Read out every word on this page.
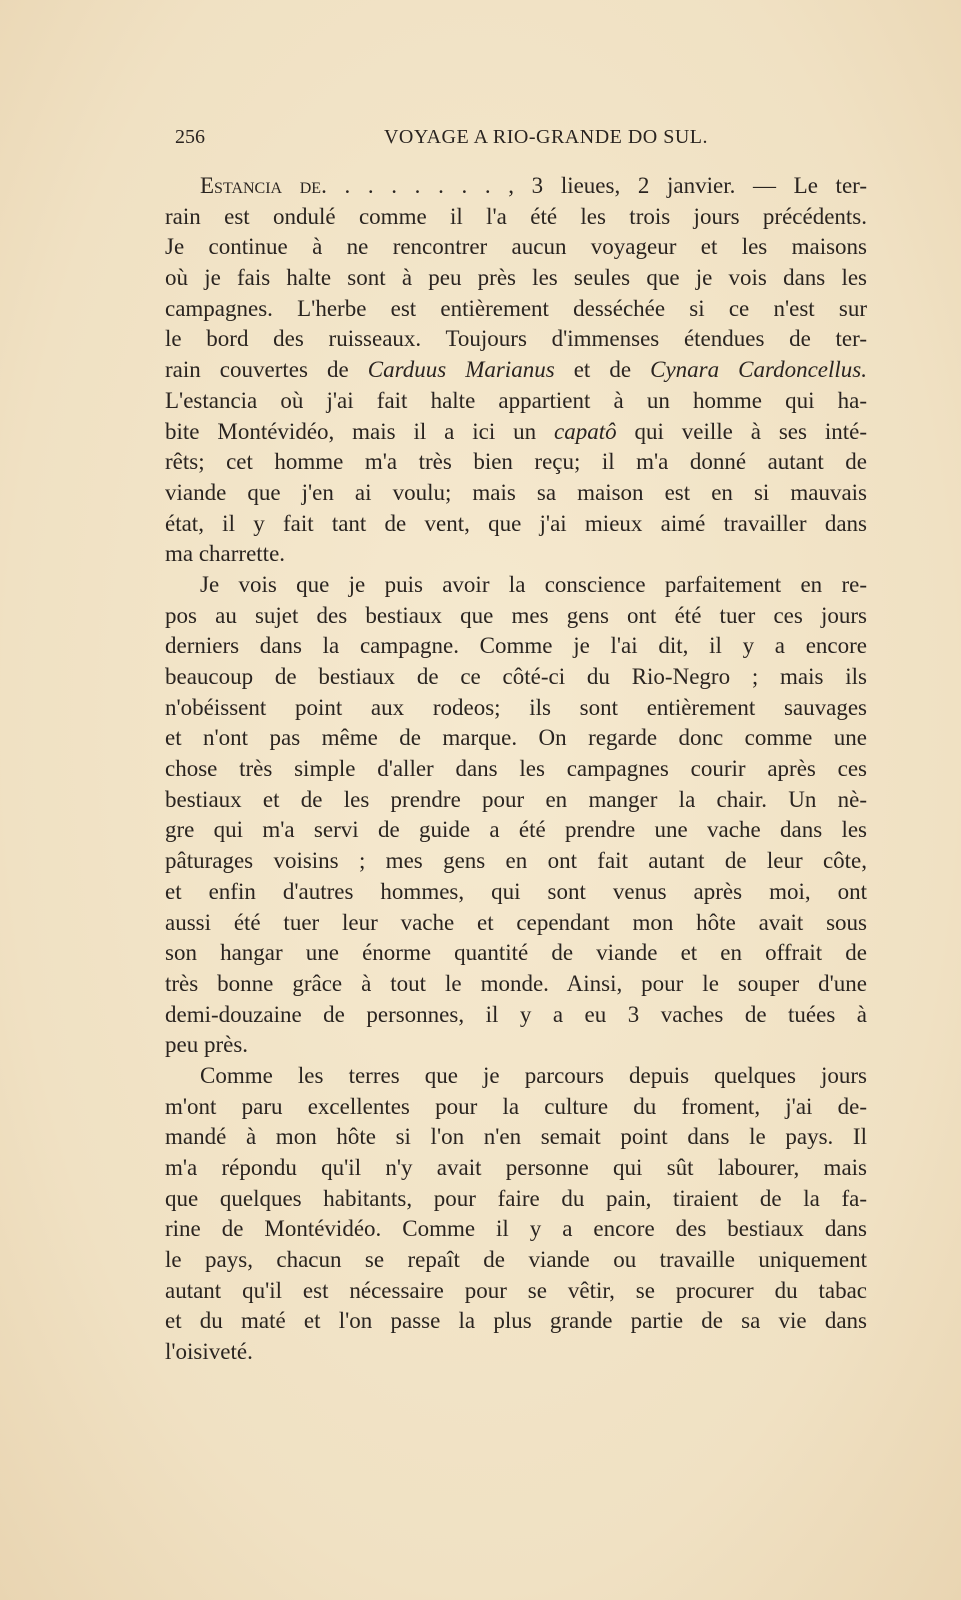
256	VOYAGE A RIO-GRANDE DO SUL.
Estancia de. . . . . . . . , 3 lieues, 2 janvier. — Le ter-
rain est ondulé comme il l'a été les trois jours précédents.
Je continue à ne rencontrer aucun voyageur et les maisons
où je fais halte sont à peu près les seules que je vois dans les
campagnes. L'herbe est entièrement desséchée si ce n'est sur
le bord des ruisseaux. Toujours d'immenses étendues de ter-
rain couvertes de Carduus Marianus et de Cynara Cardoncellus.
L'estancia où j'ai fait halte appartient à un homme qui ha-
bite Montévidéo, mais il a ici un capatô qui veille à ses inté-
rêts; cet homme m'a très bien reçu; il m'a donné autant de
viande que j'en ai voulu; mais sa maison est en si mauvais
état, il y fait tant de vent, que j'ai mieux aimé travailler dans
ma charrette.
Je vois que je puis avoir la conscience parfaitement en re-
pos au sujet des bestiaux que mes gens ont été tuer ces jours
derniers dans la campagne. Comme je l'ai dit, il y a encore
beaucoup de bestiaux de ce côté-ci du Rio-Negro ; mais ils
n'obéissent point aux rodeos; ils sont entièrement sauvages
et n'ont pas même de marque. On regarde donc comme une
chose très simple d'aller dans les campagnes courir après ces
bestiaux et de les prendre pour en manger la chair. Un nè-
gre qui m'a servi de guide a été prendre une vache dans les
pâturages voisins ; mes gens en ont fait autant de leur côte,
et enfin d'autres hommes, qui sont venus après moi, ont
aussi été tuer leur vache et cependant mon hôte avait sous
son hangar une énorme quantité de viande et en offrait de
très bonne grâce à tout le monde. Ainsi, pour le souper d'une
demi-douzaine de personnes, il y a eu 3 vaches de tuées à
peu près.
Comme les terres que je parcours depuis quelques jours
m'ont paru excellentes pour la culture du froment, j'ai de-
mandé à mon hôte si l'on n'en semait point dans le pays. Il
m'a répondu qu'il n'y avait personne qui sût labourer, mais
que quelques habitants, pour faire du pain, tiraient de la fa-
rine de Montévidéo. Comme il y a encore des bestiaux dans
le pays, chacun se repaît de viande ou travaille uniquement
autant qu'il est nécessaire pour se vêtir, se procurer du tabac
et du maté et l'on passe la plus grande partie de sa vie dans
l'oisiveté.
